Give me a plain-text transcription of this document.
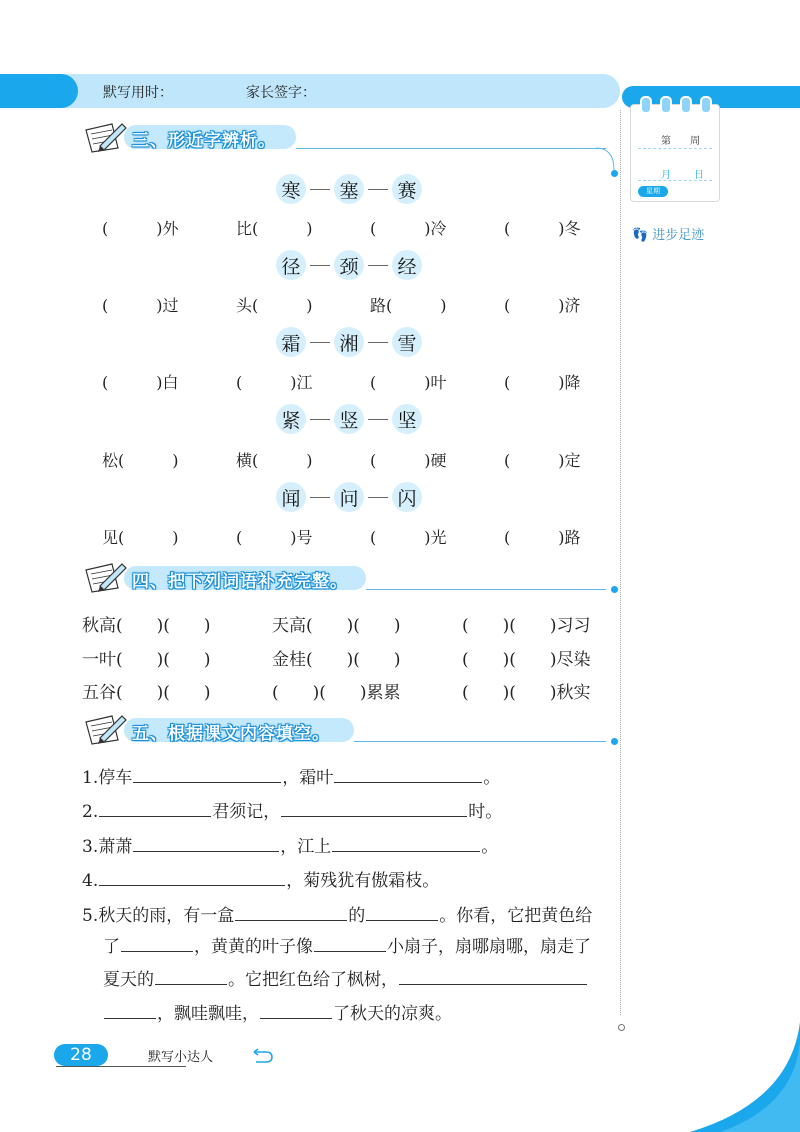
默写用时：	家长签字：
第 周
月 日
星期
👣 进步足迹
三、形近字辨析。
寒 塞 赛
(　　　)外	比(　　　)	(　　　)冷	(　　　)冬
径 颈 经
(　　　)过	头(　　　)	路(　　　)	(　　　)济
霜 湘 雪
(　　　)白	(　　　)江	(　　　)叶	(　　　)降
紧 竖 坚
松(　　　)	横(　　　)	(　　　)硬	(　　　)定
闻 问 闪
见(　　　)	(　　　)号	(　　　)光	(　　　)路
四、把下列词语补充完整。
秋高(　　)(　　)	天高(　　)(　　)	(　　)(　　)习习
一叶(　　)(　　)	金桂(　　)(　　)	(　　)(　　)尽染
五谷(　　)(　　)	(　　)(　　)累累	(　　)(　　)秋实
五、根据课文内容填空。
1.停车	，霜叶	。
2.	君须记，	时。
3.萧萧	，江上	。
4.	，菊残犹有傲霜枝。
5.秋天的雨，有一盒	的	。你看，它把黄色给
了	，黄黄的叶子像	小扇子，扇哪扇哪，扇走了
夏天的	。它把红色给了枫树，
，飘哇飘哇，	了秋天的凉爽。
28	默写小达人
